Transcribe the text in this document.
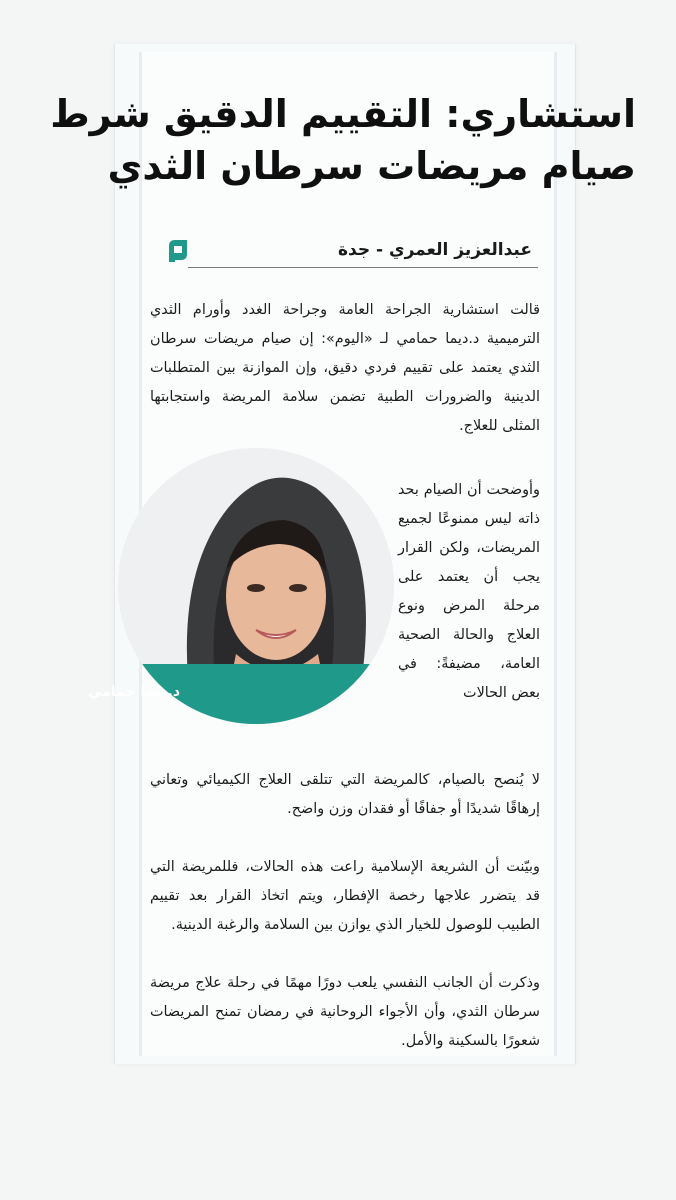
استشاري: التقييم الدقيق شرط
صيام مريضات سرطان الثدي
عبدالعزيز العمري - جدة

قالت استشارية الجراحة العامة وجراحة الغدد وأورام الثدي الترميمية د.ديما حمامي لـ «اليوم»: إن صيام مريضات سرطان الثدي يعتمد على تقييم فردي دقيق، وإن الموازنة بين المتطلبات الدينية والضرورات الطبية تضمن سلامة المريضة واستجابتها المثلى للعلاج.

د.ديما حمامي

وأوضحت أن الصيام بحد ذاته ليس ممنوعًا لجميع المريضات، ولكن القرار يجب أن يعتمد على مرحلة المرض ونوع العلاج والحالة الصحية العامة، مضيفةً: في بعض الحالات

لا يُنصح بالصيام، كالمريضة التي تتلقى العلاج الكيميائي وتعاني إرهاقًا شديدًا أو جفافًا أو فقدان وزن واضح.

وبيّنت أن الشريعة الإسلامية راعت هذه الحالات، فللمريضة التي قد يتضرر علاجها رخصة الإفطار، ويتم اتخاذ القرار بعد تقييم الطبيب للوصول للخيار الذي يوازن بين السلامة والرغبة الدينية.

وذكرت أن الجانب النفسي يلعب دورًا مهمًا في رحلة علاج مريضة سرطان الثدي، وأن الأجواء الروحانية في رمضان تمنح المريضات شعورًا بالسكينة والأمل.
